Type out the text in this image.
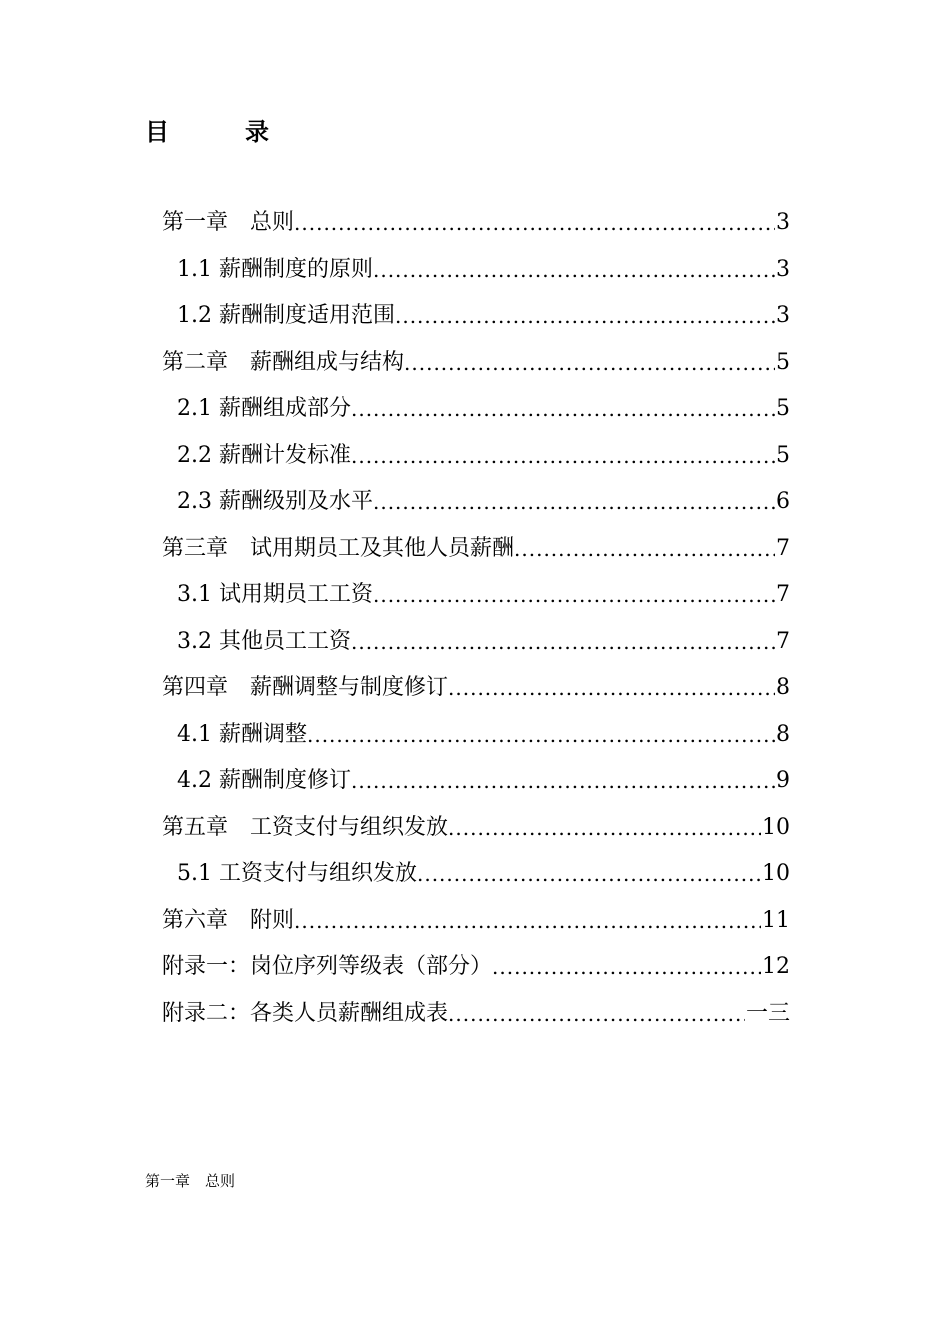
目	录
第一章　总则 .....	3
1.1 薪酬制度的原则 .....	3
1.2 薪酬制度适用范围 .....	3
第二章　薪酬组成与结构 .....	5
2.1 薪酬组成部分 .....	5
2.2 薪酬计发标准 .....	5
2.3 薪酬级别及水平 .....	6
第三章　试用期员工及其他人员薪酬 .....	7
3.1 试用期员工工资 .....	7
3.2 其他员工工资 .....	7
第四章　薪酬调整与制度修订 .....	8
4.1 薪酬调整 .....	8
4.2 薪酬制度修订 .....	9
第五章　工资支付与组织发放 .....	10
5.1 工资支付与组织发放 .....	10
第六章　附则 .....	11
附录一：岗位序列等级表（部分） .....	12
附录二：各类人员薪酬组成表 .....	一三
第一章　总则
